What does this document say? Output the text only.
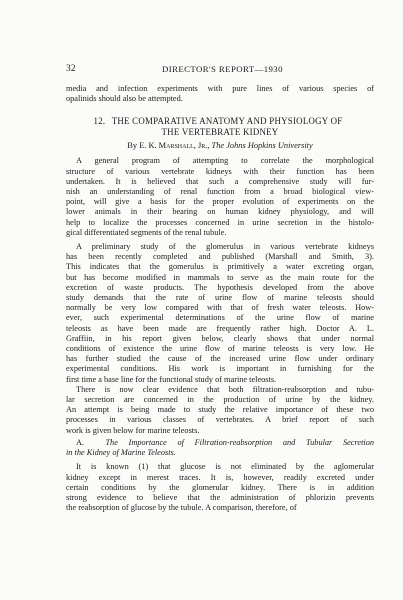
32	DIRECTOR'S REPORT—1930
media and infection experiments with pure lines of various species of
opalinids should also be attempted.
12. THE COMPARATIVE ANATOMY AND PHYSIOLOGY OF
THE VERTEBRATE KIDNEY
By E. K. Marshall, Jr., The Johns Hopkins University
A general program of attempting to correlate the morphological
structure of various vertebrate kidneys with their function has been
undertaken. It is believed that such a comprehensive study will fur-
nish an understanding of renal function from a broad biological view-
point, will give a basis for the proper evolution of experiments on the
lower animals in their bearing on human kidney physiology, and will
help to localize the processes concerned in urine secretion in the histolo-
gical differentiated segments of the renal tubule.
A preliminary study of the glomerulus in various vertebrate kidneys
has been recently completed and published (Marshall and Smith, 3).
This indicates that the gomerulus is primitively a water excreting organ,
but has become modified in mammals to serve as the main route for the
excretion of waste products. The hypothesis developed from the above
study demands that the rate of urine flow of marine teleosts should
normally be very low compared with that of fresh water teleosts. How-
ever, such experimental determinations of the urine flow of marine
teleosts as have been made are frequently rather high. Doctor A. L.
Graffiin, in his report given below, clearly shows that under normal
conditions of existence the urine flow of marine teleosts is very low. He
has further studied the cause of the increased urine flow under ordinary
experimental conditions. His work is important in furnishing for the
first time a base line for the functional study of marine teleosts.
There is now clear evidence that both filtration-reabsorption and tubu-
lar secretion are concerned in the production of urine by the kidney.
An attempt is being made to study the relative importance of these two
processes in various classes of vertebrates. A brief report of such
work is given below for marine teleosts.
A.	The Importance of Filtration-reabsorption and Tubular Secretion
in the Kidney of Marine Teleosts.
It is known (1) that glucose is not eliminated by the aglomerular
kidney except in merest traces. It is, however, readily excreted under
certain conditions by the glomerular kidney. There is in addition
strong evidence to believe that the administration of phlorizin prevents
the reabsorption of glucose by the tubule. A comparison, therefore, of
